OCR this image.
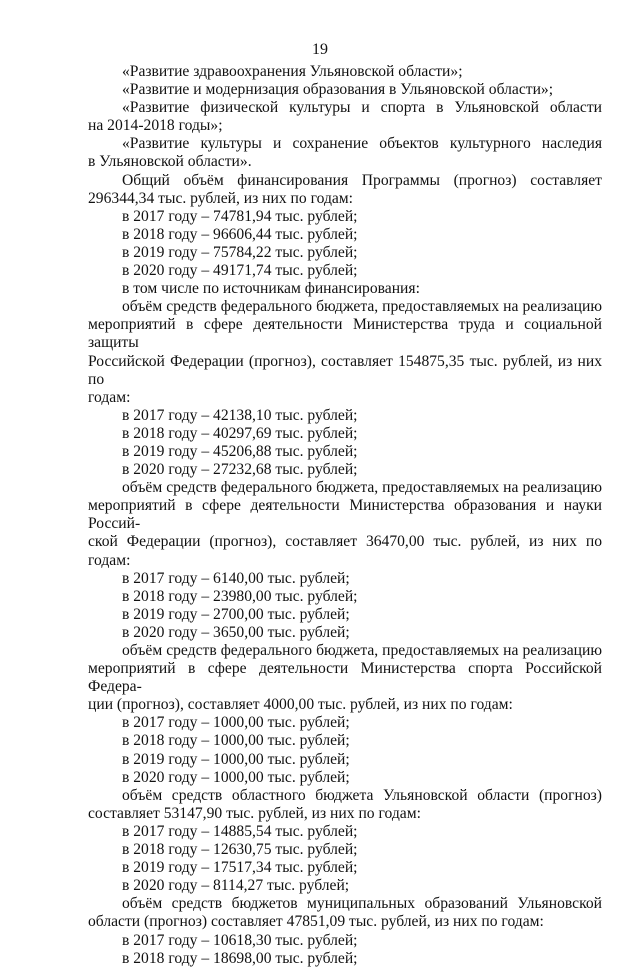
19
«Развитие здравоохранения Ульяновской области»;
«Развитие и модернизация образования в Ульяновской области»;
«Развитие физической культуры и спорта в Ульяновской области
на 2014-2018 годы»;
«Развитие культуры и сохранение объектов культурного наследия
в Ульяновской области».
Общий объём финансирования Программы (прогноз) составляет
296344,34 тыс. рублей, из них по годам:
в 2017 году – 74781,94 тыс. рублей;
в 2018 году – 96606,44 тыс. рублей;
в 2019 году – 75784,22 тыс. рублей;
в 2020 году – 49171,74 тыс. рублей;
в том числе по источникам финансирования:
объём средств федерального бюджета, предоставляемых на реализацию
мероприятий в сфере деятельности Министерства труда и социальной защиты
Российской Федерации (прогноз), составляет 154875,35 тыс. рублей, из них по
годам:
в 2017 году – 42138,10 тыс. рублей;
в 2018 году – 40297,69 тыс. рублей;
в 2019 году – 45206,88 тыс. рублей;
в 2020 году – 27232,68 тыс. рублей;
объём средств федерального бюджета, предоставляемых на реализацию
мероприятий в сфере деятельности Министерства образования и науки Россий-
ской Федерации (прогноз), составляет 36470,00 тыс. рублей, из них по годам:
в 2017 году – 6140,00 тыс. рублей;
в 2018 году – 23980,00 тыс. рублей;
в 2019 году – 2700,00 тыс. рублей;
в 2020 году – 3650,00 тыс. рублей;
объём средств федерального бюджета, предоставляемых на реализацию
мероприятий в сфере деятельности Министерства спорта Российской Федера-
ции (прогноз), составляет 4000,00 тыс. рублей, из них по годам:
в 2017 году – 1000,00 тыс. рублей;
в 2018 году – 1000,00 тыс. рублей;
в 2019 году – 1000,00 тыс. рублей;
в 2020 году – 1000,00 тыс. рублей;
объём средств областного бюджета Ульяновской области (прогноз)
составляет 53147,90 тыс. рублей, из них по годам:
в 2017 году – 14885,54 тыс. рублей;
в 2018 году – 12630,75 тыс. рублей;
в 2019 году – 17517,34 тыс. рублей;
в 2020 году – 8114,27 тыс. рублей;
объём средств бюджетов муниципальных образований Ульяновской
области (прогноз) составляет 47851,09 тыс. рублей, из них по годам:
в 2017 году – 10618,30 тыс. рублей;
в 2018 году – 18698,00 тыс. рублей;
